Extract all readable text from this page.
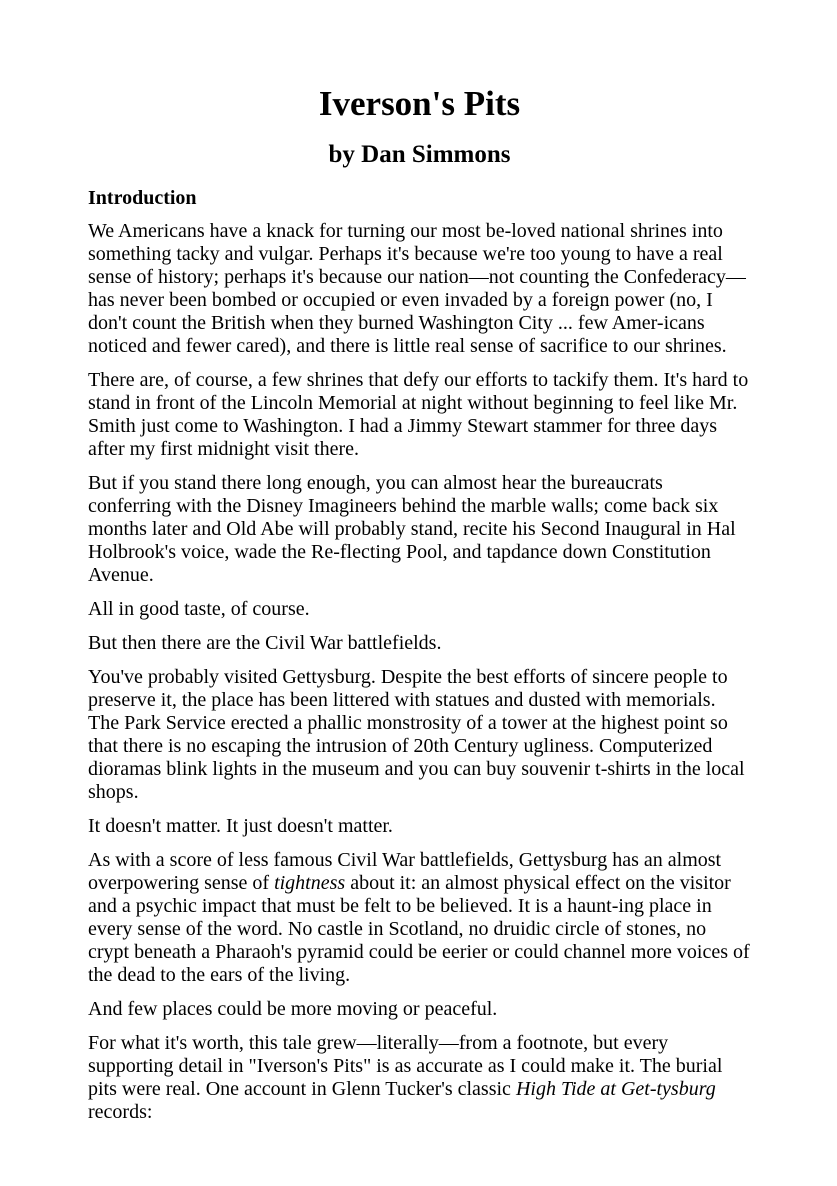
Iverson's Pits
by Dan Simmons
Introduction

We Americans have a knack for turning our most be-loved national shrines into something tacky and vulgar. Perhaps it's because we're too young to have a real sense of history; perhaps it's because our nation—not counting the Confederacy—has never been bombed or occupied or even invaded by a foreign power (no, I don't count the British when they burned Washington City ... few Amer-icans noticed and fewer cared), and there is little real sense of sacrifice to our shrines.

There are, of course, a few shrines that defy our efforts to tackify them. It's hard to stand in front of the Lincoln Memorial at night without beginning to feel like Mr. Smith just come to Washington. I had a Jimmy Stewart stammer for three days after my first midnight visit there.

But if you stand there long enough, you can almost hear the bureaucrats conferring with the Disney Imagineers behind the marble walls; come back six months later and Old Abe will probably stand, recite his Second Inaugural in Hal Holbrook's voice, wade the Re-flecting Pool, and tapdance down Constitution Avenue.

All in good taste, of course.

But then there are the Civil War battlefields.

You've probably visited Gettysburg. Despite the best efforts of sincere people to preserve it, the place has been littered with statues and dusted with memorials. The Park Service erected a phallic monstrosity of a tower at the highest point so that there is no escaping the intrusion of 20th Century ugliness. Computerized dioramas blink lights in the museum and you can buy souvenir t-shirts in the local shops.

It doesn't matter. It just doesn't matter.

As with a score of less famous Civil War battlefields, Gettysburg has an almost overpowering sense of tightness about it: an almost physical effect on the visitor and a psychic impact that must be felt to be believed. It is a haunt-ing place in every sense of the word. No castle in Scotland, no druidic circle of stones, no crypt beneath a Pharaoh's pyramid could be eerier or could channel more voices of the dead to the ears of the living.

And few places could be more moving or peaceful.

For what it's worth, this tale grew—literally—from a footnote, but every supporting detail in "Iverson's Pits" is as accurate as I could make it. The burial pits were real. One account in Glenn Tucker's classic High Tide at Get-tysburg records:
